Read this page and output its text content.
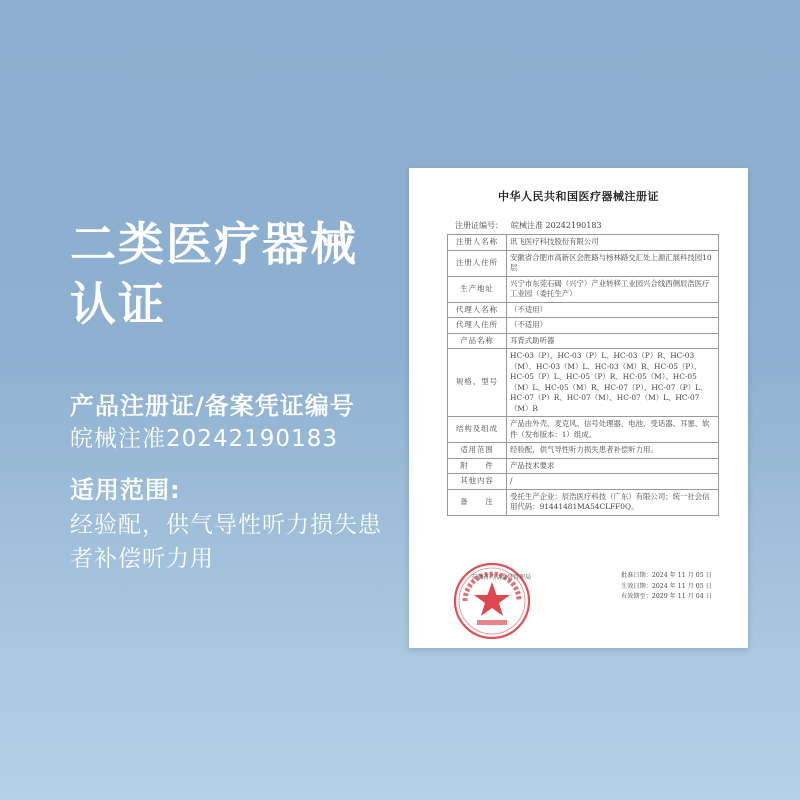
二类医疗器械认证
产品注册证/备案凭证编号
皖械注准20242190183
适用范围:
经验配，供气导性听力损失患者补偿听力用
中华人民共和国医疗器械注册证
注册证编号： 皖械注准 20242190183
注册人名称	讯飞医疗科技股份有限公司
注册人住所	安徽省合肥市高新区会胜路与杨林路交汇处上源汇展科技园10层
生产地址	兴宁市东莞石碣（兴宁）产业转移工业园兴合线西侧辰浩医疗工业园（委托生产）
代理人名称	（不适用）
代理人住所	（不适用）
产品名称	耳背式助听器
规格、型号	HC-03（P）、HC-03（P）L、HC-03（P）R、HC-03（M）、HC-03（M）L、HC-03（M）R、HC-05（P）、HC-05（P）L、HC-05（P）R、HC-05（M）、HC-05（M）L、HC-05（M）R、HC-07（P）、HC-07（P）L、HC-07（P）R、HC-07（M）、HC-07（M）L、HC-07（M）R
结构及组成	产品由外壳、麦克风、信号处理器、电池、受话器、耳塞、软件（发布版本：1）组成。
适用范围	经验配，供气导性听力损失患者补偿听力用。
附　　件	产品技术要求
其他内容	/
备　　注	受托生产企业：辰浩医疗科技（广东）有限公司；统一社会信用代码：91441481MA54CLFF0Q。
安徽省药品监督管理局	批准日期：2024 年 11 月 05 日
生效日期：2024 年 11 月 05 日
有效期至：2029 年 11 月 04 日
